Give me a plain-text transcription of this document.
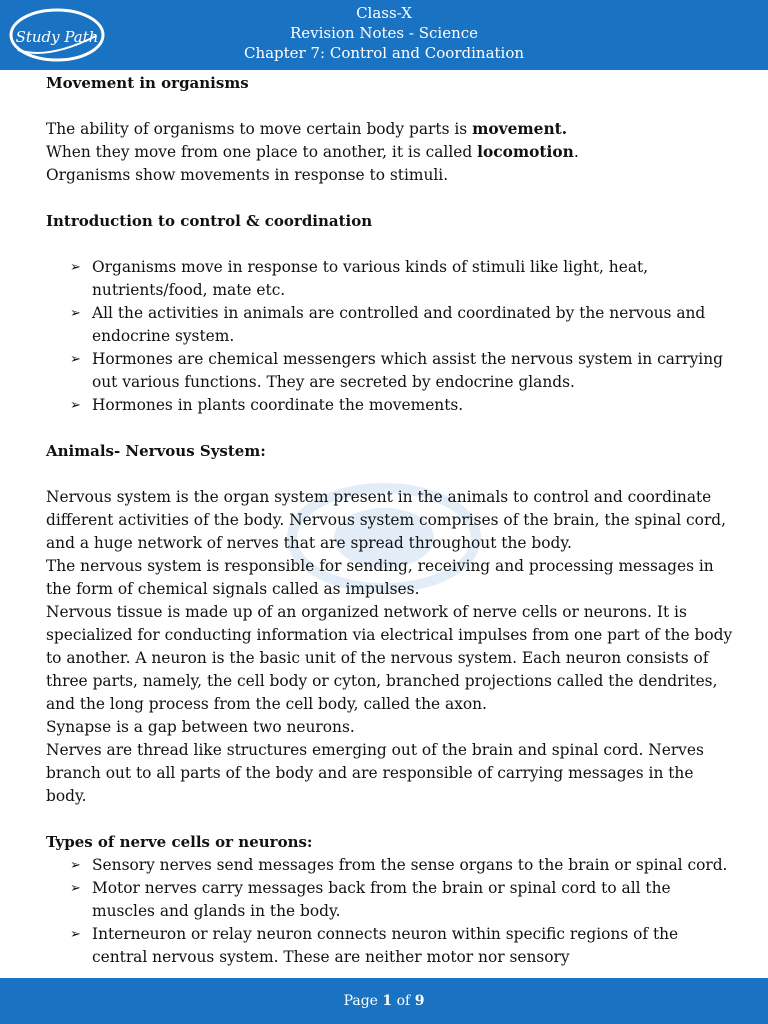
Study Path
Class-X
Revision Notes - Science
Chapter 7: Control and Coordination

Movement in organisms

The ability of organisms to move certain body parts is movement.

When they move from one place to another, it is called locomotion.

Organisms show movements in response to stimuli.

Introduction to control & coordination

➢ Organisms move in response to various kinds of stimuli like light, heat, nutrients/food, mate etc.
➢ All the activities in animals are controlled and coordinated by the nervous and endocrine system.
➢ Hormones are chemical messengers which assist the nervous system in carrying out various functions. They are secreted by endocrine glands.
➢ Hormones in plants coordinate the movements.

Animals- Nervous System:

Nervous system is the organ system present in the animals to control and coordinate different activities of the body. Nervous system comprises of the brain, the spinal cord, and a huge network of nerves that are spread throughout the body.

The nervous system is responsible for sending, receiving and processing messages in the form of chemical signals called as impulses.

Nervous tissue is made up of an organized network of nerve cells or neurons. It is specialized for conducting information via electrical impulses from one part of the body to another. A neuron is the basic unit of the nervous system. Each neuron consists of three parts, namely, the cell body or cyton, branched projections called the dendrites, and the long process from the cell body, called the axon.

Synapse is a gap between two neurons.

Nerves are thread like structures emerging out of the brain and spinal cord. Nerves branch out to all parts of the body and are responsible of carrying messages in the body.

Types of nerve cells or neurons:

➢ Sensory nerves send messages from the sense organs to the brain or spinal cord.
➢ Motor nerves carry messages back from the brain or spinal cord to all the muscles and glands in the body.
➢ Interneuron or relay neuron connects neuron within specific regions of the central nervous system. These are neither motor nor sensory
Page 1 of 9
